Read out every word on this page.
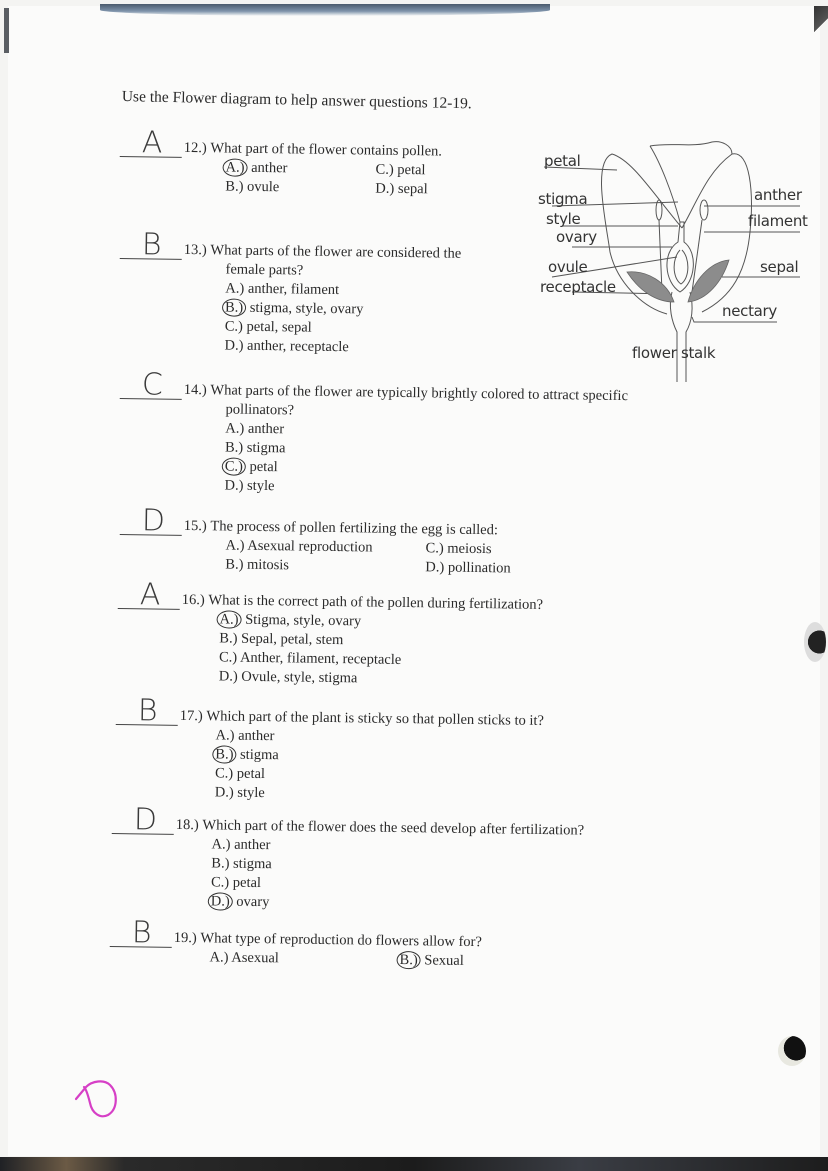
Use the Flower diagram to help answer questions 12-19.
petal
stigma
style
ovary
ovule
receptacle
anther
filament
sepal
nectary
flower stalk
A 12.)
What part of the flower contains pollen.
A.) anther	C.) petal
B.) ovule	D.) sepal
B 13.)
What parts of the flower are considered the
female parts?
A.) anther, filament
B.) stigma, style, ovary
C.) petal, sepal
D.) anther, receptacle
C 14.)
What parts of the flower are typically brightly colored to attract specific
pollinators?
A.) anther
B.) stigma
C.) petal
D.) style
D 15.)
The process of pollen fertilizing the egg is called:
A.) Asexual reproduction	C.) meiosis
B.) mitosis	D.) pollination
A 16.)
What is the correct path of the pollen during fertilization?
A.) Stigma, style, ovary
B.) Sepal, petal, stem
C.) Anther, filament, receptacle
D.) Ovule, style, stigma
B 17.)
Which part of the plant is sticky so that pollen sticks to it?
A.) anther
B.) stigma
C.) petal
D.) style
D 18.)
Which part of the flower does the seed develop after fertilization?
A.) anther
B.) stigma
C.) petal
D.) ovary
B 19.)
What type of reproduction do flowers allow for?
A.) Asexual	B.) Sexual
